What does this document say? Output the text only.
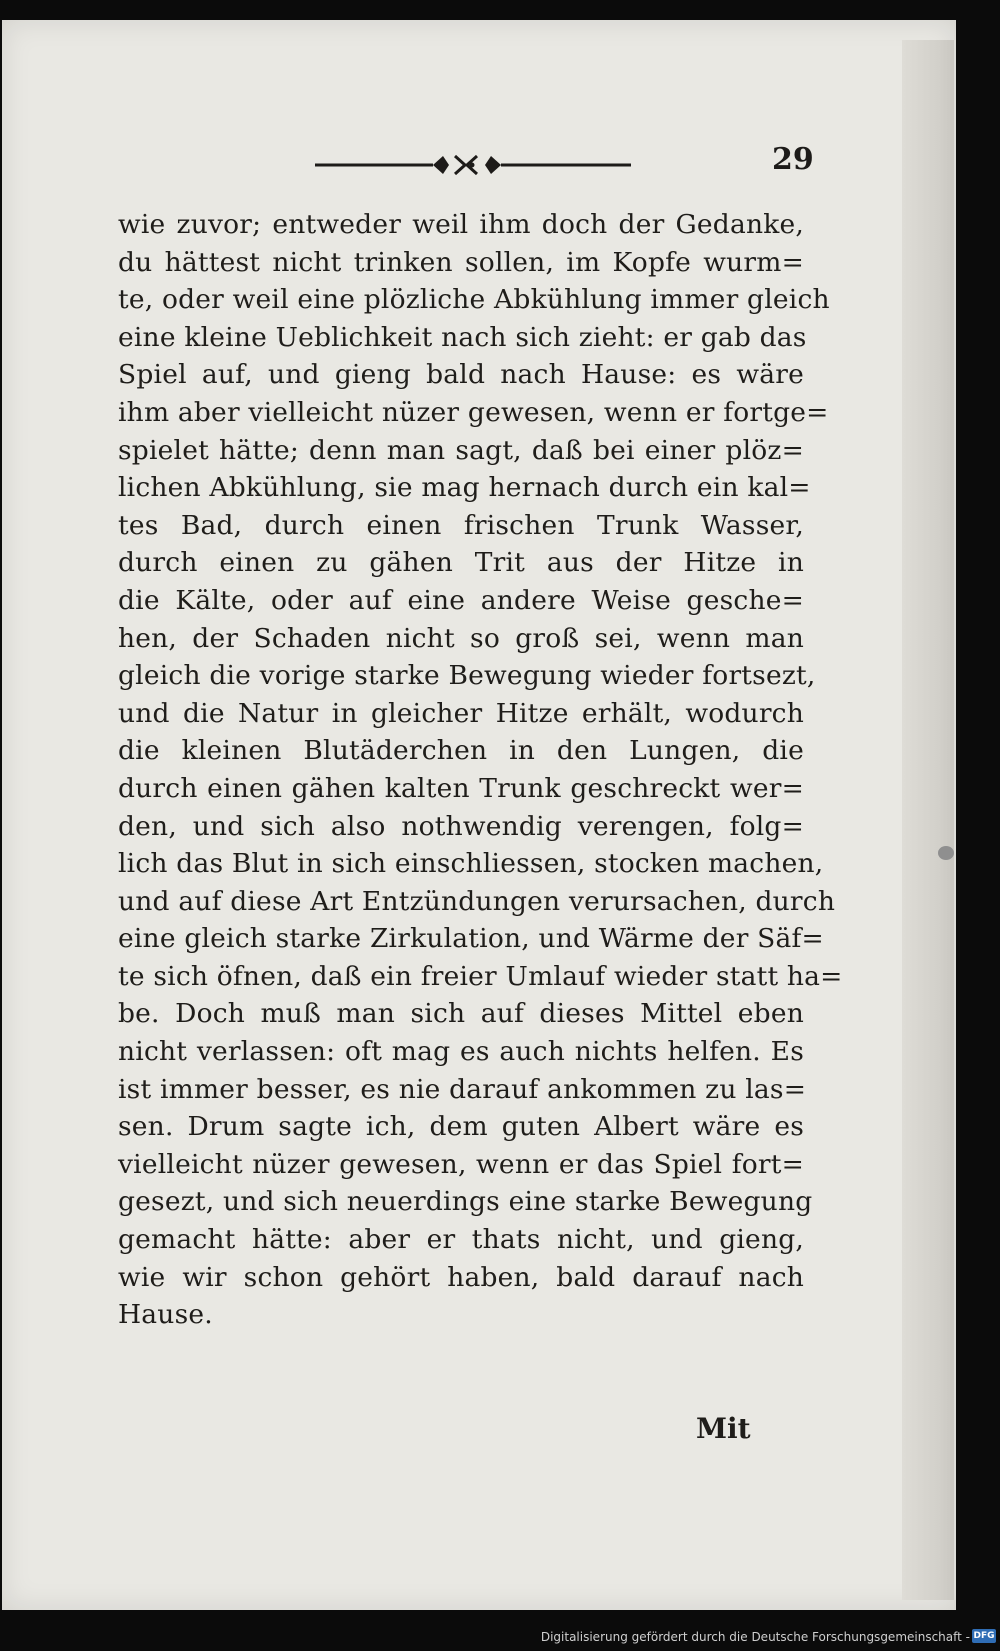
29
wie zuvor; entweder weil ihm doch der Gedanke,
du hättest nicht trinken sollen, im Kopfe wurm=
te, oder weil eine plözliche Abkühlung immer gleich
eine kleine Ueblichkeit nach sich zieht: er gab das
Spiel auf, und gieng bald nach Hause: es wäre
ihm aber vielleicht nüzer gewesen, wenn er fortge=
spielet hätte; denn man sagt, daß bei einer plöz=
lichen Abkühlung, sie mag hernach durch ein kal=
tes Bad, durch einen frischen Trunk Wasser,
durch einen zu gähen Trit aus der Hitze in
die Kälte, oder auf eine andere Weise gesche=
hen, der Schaden nicht so groß sei, wenn man
gleich die vorige starke Bewegung wieder fortsezt,
und die Natur in gleicher Hitze erhält, wodurch
die kleinen Blutäderchen in den Lungen, die
durch einen gähen kalten Trunk geschreckt wer=
den, und sich also nothwendig verengen, folg=
lich das Blut in sich einschliessen, stocken machen,
und auf diese Art Entzündungen verursachen, durch
eine gleich starke Zirkulation, und Wärme der Säf=
te sich öfnen, daß ein freier Umlauf wieder statt ha=
be. Doch muß man sich auf dieses Mittel eben
nicht verlassen: oft mag es auch nichts helfen. Es
ist immer besser, es nie darauf ankommen zu las=
sen. Drum sagte ich, dem guten Albert wäre es
vielleicht nüzer gewesen, wenn er das Spiel fort=
gesezt, und sich neuerdings eine starke Bewegung
gemacht hätte: aber er thats nicht, und gieng,
wie wir schon gehört haben, bald darauf nach
Hause.
Mit
Digitalisierung gefördert durch die Deutsche Forschungsgemeinschaft - DFG
